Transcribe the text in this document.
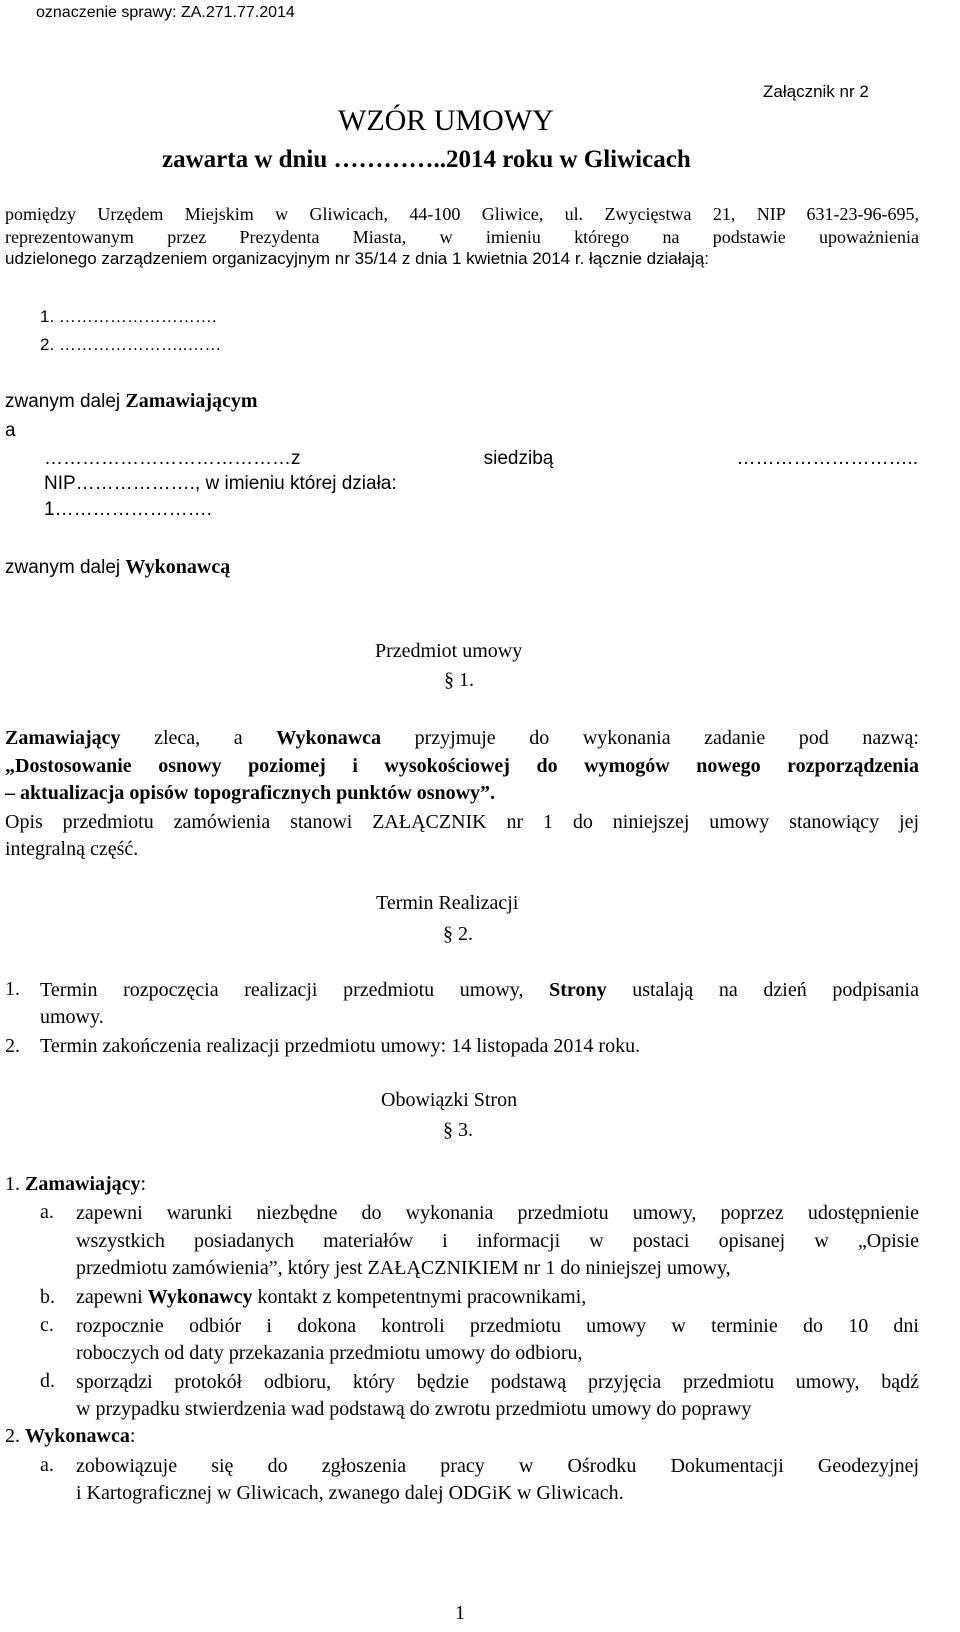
oznaczenie sprawy: ZA.271.77.2014
Załącznik nr 2
WZÓR UMOWY
zawarta w dniu …………..2014 roku w Gliwicach
pomiędzy Urzędem Miejskim w Gliwicach, 44-100 Gliwice, ul. Zwycięstwa 21, NIP 631-23-96-695,
reprezentowanym przez Prezydenta Miasta, w imieniu którego na podstawie upoważnienia
udzielonego zarządzeniem organizacyjnym nr 35/14 z dnia 1 kwietnia 2014 r. łącznie działają:
1. ……………………….
2. …………………..……
zwanym dalej Zamawiającym
a
…………………………………z siedzibą ………………………..
NIP………………., w imieniu której działa:
1…………………….
zwanym dalej Wykonawcą
Przedmiot umowy
§ 1.
Zamawiający zleca, a Wykonawca przyjmuje do wykonania zadanie pod nazwą:
„Dostosowanie osnowy poziomej i wysokościowej do wymogów nowego rozporządzenia
– aktualizacja opisów topograficznych punktów osnowy”.
Opis przedmiotu zamówienia stanowi ZAŁĄCZNIK nr 1 do niniejszej umowy stanowiący jej
integralną część.
Termin Realizacji
§ 2.
1. Termin rozpoczęcia realizacji przedmiotu umowy, Strony ustalają na dzień podpisania
umowy.
2. Termin zakończenia realizacji przedmiotu umowy: 14 listopada 2014 roku.
Obowiązki Stron
§ 3.
1. Zamawiający:
a. zapewni warunki niezbędne do wykonania przedmiotu umowy, poprzez udostępnienie
wszystkich posiadanych materiałów i informacji w postaci opisanej w „Opisie
przedmiotu zamówienia”, który jest ZAŁĄCZNIKIEM nr 1 do niniejszej umowy,
b. zapewni Wykonawcy kontakt z kompetentnymi pracownikami,
c. rozpocznie odbiór i dokona kontroli przedmiotu umowy w terminie do 10 dni
roboczych od daty przekazania przedmiotu umowy do odbioru,
d. sporządzi protokół odbioru, który będzie podstawą przyjęcia przedmiotu umowy, bądź
w przypadku stwierdzenia wad podstawą do zwrotu przedmiotu umowy do poprawy
2. Wykonawca:
a. zobowiązuje się do zgłoszenia pracy w Ośrodku Dokumentacji Geodezyjnej
i Kartograficznej w Gliwicach, zwanego dalej ODGiK w Gliwicach.
1
